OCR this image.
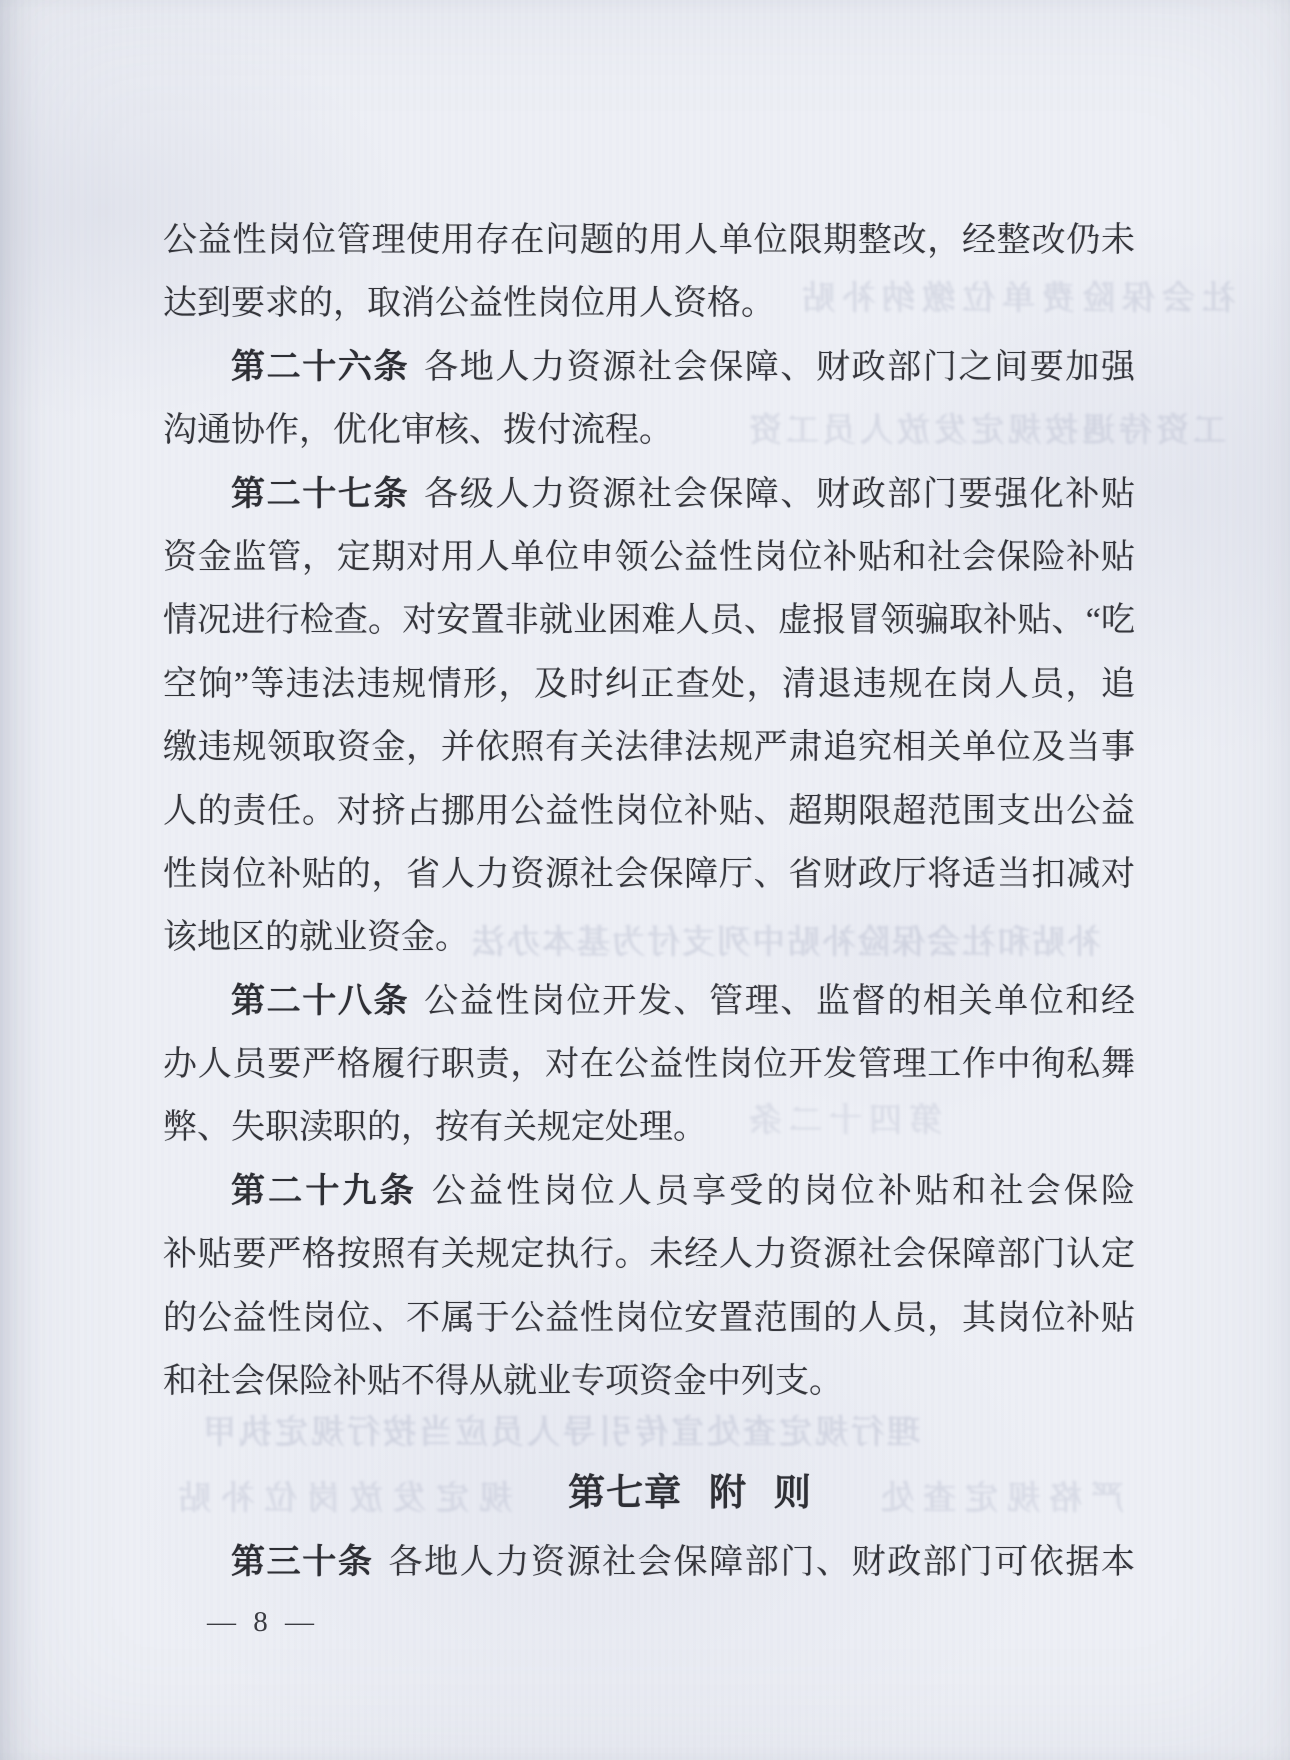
社会保险费单位缴纳补贴
工资待遇按规定发放人员工资
补贴和社会保险补贴中列支付为基本办法
第四十二条
理行规定查处宣传引导人员应当按行规定执甲
规定发放岗位补贴	严格规定查处
公益性岗位管理使用存在问题的用人单位限期整改，经整改仍未
达到要求的，取消公益性岗位用人资格。
第二十六条 各地人力资源社会保障、财政部门之间要加强
沟通协作，优化审核、拨付流程。
第二十七条 各级人力资源社会保障、财政部门要强化补贴
资金监管，定期对用人单位申领公益性岗位补贴和社会保险补贴
情况进行检查。对安置非就业困难人员、虚报冒领骗取补贴、“吃
空饷”等违法违规情形，及时纠正查处，清退违规在岗人员，追
缴违规领取资金，并依照有关法律法规严肃追究相关单位及当事
人的责任。对挤占挪用公益性岗位补贴、超期限超范围支出公益
性岗位补贴的，省人力资源社会保障厅、省财政厅将适当扣减对
该地区的就业资金。
第二十八条 公益性岗位开发、管理、监督的相关单位和经
办人员要严格履行职责，对在公益性岗位开发管理工作中徇私舞
弊、失职渎职的，按有关规定处理。
第二十九条 公益性岗位人员享受的岗位补贴和社会保险
补贴要严格按照有关规定执行。未经人力资源社会保障部门认定
的公益性岗位、不属于公益性岗位安置范围的人员，其岗位补贴
和社会保险补贴不得从就业专项资金中列支。
第七章 附 则
第三十条 各地人力资源社会保障部门、财政部门可依据本
— 8 —
